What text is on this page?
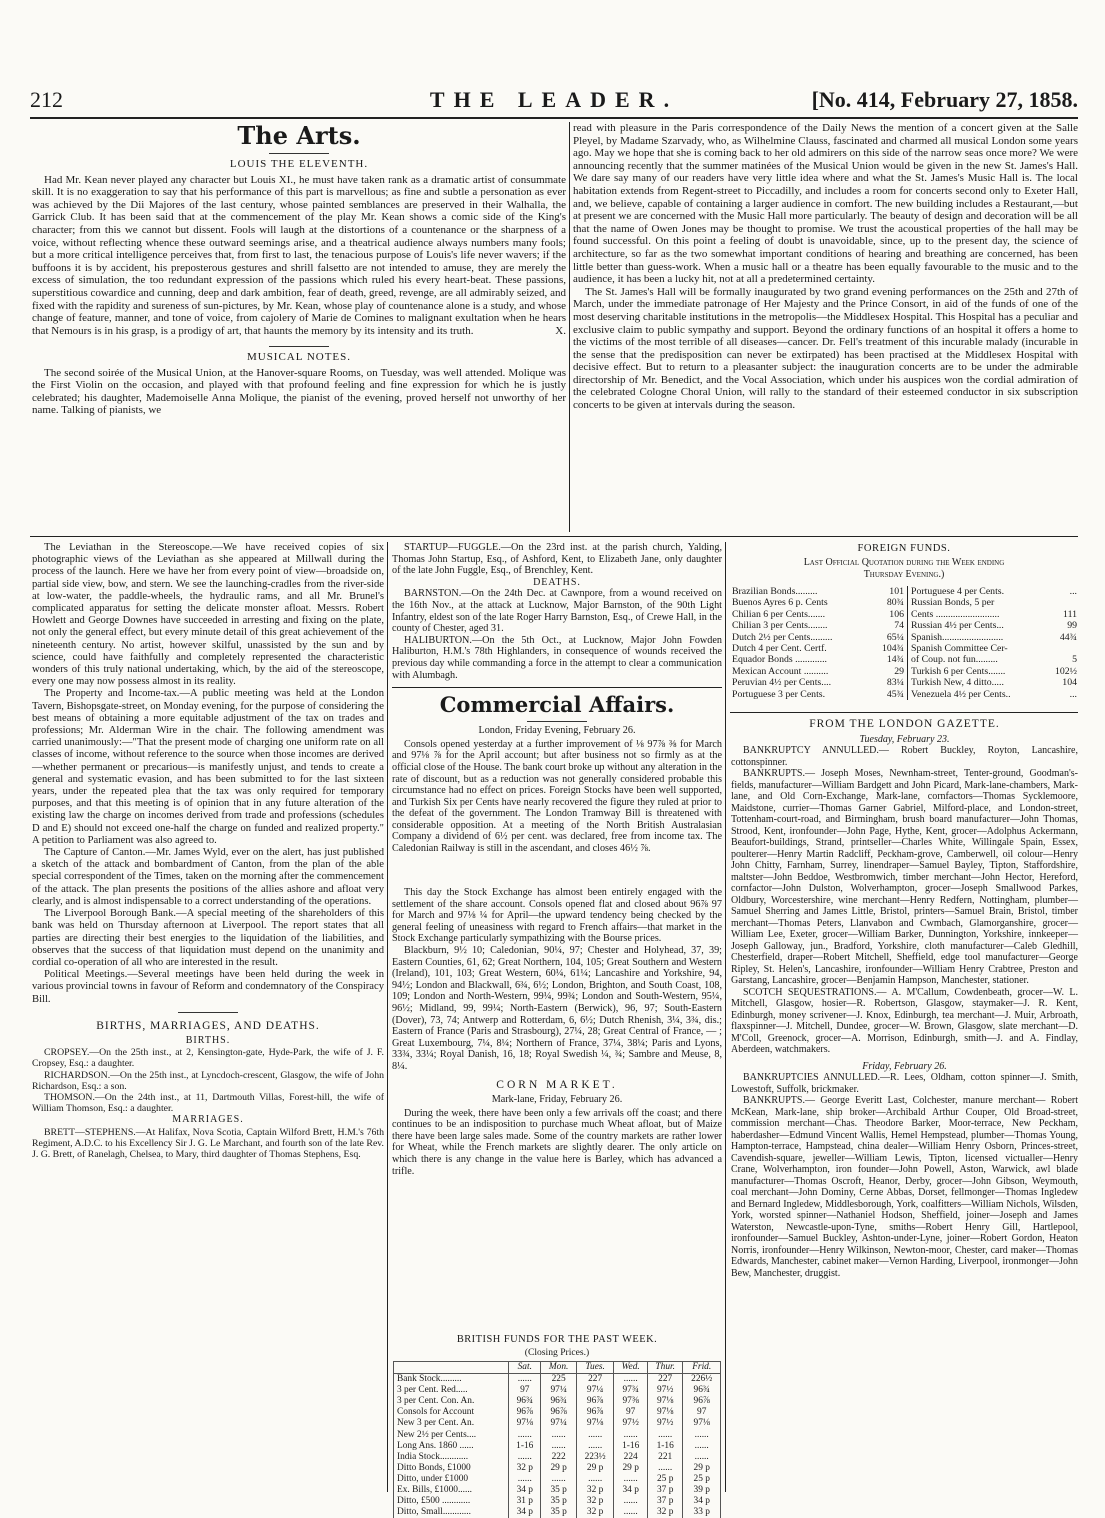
212	THE LEADER.	[No. 414, February 27, 1858.
The Arts.
LOUIS THE ELEVENTH.

Had Mr. Kean never played any character but Louis XI., he must have taken rank as a dramatic artist of consummate skill. It is no exaggeration to say that his performance of this part is marvellous; as fine and subtle a personation as ever was achieved by the Dii Majores of the last century, whose painted semblances are preserved in their Walhalla, the Garrick Club. It has been said that at the commencement of the play Mr. Kean shows a comic side of the King's character; from this we cannot but dissent. Fools will laugh at the distortions of a countenance or the sharpness of a voice, without reflecting whence these outward seemings arise, and a theatrical audience always numbers many fools; but a more critical intelligence perceives that, from first to last, the tenacious purpose of Louis's life never wavers; if the buffoons it is by accident, his preposterous gestures and shrill falsetto are not intended to amuse, they are merely the excess of simulation, the too redundant expression of the passions which ruled his every heart-beat. These passions, superstitious cowardice and cunning, deep and dark ambition, fear of death, greed, revenge, are all admirably seized, and fixed with the rapidity and sureness of sun-pictures, by Mr. Kean, whose play of countenance alone is a study, and whose change of feature, manner, and tone of voice, from cajolery of Marie de Comines to malignant exultation when he hears that Nemours is in his grasp, is a prodigy of art, that haunts the memory by its intensity and its truth.	X.
MUSICAL NOTES.

The second soirée of the Musical Union, at the Hanover-square Rooms, on Tuesday, was well attended. Molique was the First Violin on the occasion, and played with that profound feeling and fine expression for which he is justly celebrated; his daughter, Mademoiselle Anna Molique, the pianist of the evening, proved herself not unworthy of her name. Talking of pianists, we

read with pleasure in the Paris correspondence of the Daily News the mention of a concert given at the Salle Pleyel, by Madame Szarvady, who, as Wilhelmine Clauss, fascinated and charmed all musical London some years ago. May we hope that she is coming back to her old admirers on this side of the narrow seas once more? We were announcing recently that the summer matinées of the Musical Union would be given in the new St. James's Hall. We dare say many of our readers have very little idea where and what the St. James's Music Hall is. The local habitation extends from Regent-street to Piccadilly, and includes a room for concerts second only to Exeter Hall, and, we believe, capable of containing a larger audience in comfort. The new building includes a Restaurant,—but at present we are concerned with the Music Hall more particularly. The beauty of design and decoration will be all that the name of Owen Jones may be thought to promise. We trust the acoustical properties of the hall may be found successful. On this point a feeling of doubt is unavoidable, since, up to the present day, the science of architecture, so far as the two somewhat important conditions of hearing and breathing are concerned, has been little better than guess-work. When a music hall or a theatre has been equally favourable to the music and to the audience, it has been a lucky hit, not at all a predetermined certainty.

The St. James's Hall will be formally inaugurated by two grand evening performances on the 25th and 27th of March, under the immediate patronage of Her Majesty and the Prince Consort, in aid of the funds of one of the most deserving charitable institutions in the metropolis—the Middlesex Hospital. This Hospital has a peculiar and exclusive claim to public sympathy and support. Beyond the ordinary functions of an hospital it offers a home to the victims of the most terrible of all diseases—cancer. Dr. Fell's treatment of this incurable malady (incurable in the sense that the predisposition can never be extirpated) has been practised at the Middlesex Hospital with decisive effect. But to return to a pleasanter subject: the inauguration concerts are to be under the admirable directorship of Mr. Benedict, and the Vocal Association, which under his auspices won the cordial admiration of the celebrated Cologne Choral Union, will rally to the standard of their esteemed conductor in six subscription concerts to be given at intervals during the season.

The Leviathan in the Stereoscope.—We have received copies of six photographic views of the Leviathan as she appeared at Millwall during the process of the launch. Here we have her from every point of view—broadside on, partial side view, bow, and stern. We see the launching-cradles from the river-side at low-water, the paddle-wheels, the hydraulic rams, and all Mr. Brunel's complicated apparatus for setting the delicate monster afloat. Messrs. Robert Howlett and George Downes have succeeded in arresting and fixing on the plate, not only the general effect, but every minute detail of this great achievement of the nineteenth century. No artist, however skilful, unassisted by the sun and by science, could have faithfully and completely represented the characteristic wonders of this truly national undertaking, which, by the aid of the stereoscope, every one may now possess almost in its reality.

The Property and Income-tax.—A public meeting was held at the London Tavern, Bishopsgate-street, on Monday evening, for the purpose of considering the best means of obtaining a more equitable adjustment of the tax on trades and professions; Mr. Alderman Wire in the chair. The following amendment was carried unanimously:—"That the present mode of charging one uniform rate on all classes of income, without reference to the source when those incomes are derived—whether permanent or precarious—is manifestly unjust, and tends to create a general and systematic evasion, and has been submitted to for the last sixteen years, under the repeated plea that the tax was only required for temporary purposes, and that this meeting is of opinion that in any future alteration of the existing law the charge on incomes derived from trade and professions (schedules D and E) should not exceed one-half the charge on funded and realized property." A petition to Parliament was also agreed to.

The Capture of Canton.—Mr. James Wyld, ever on the alert, has just published a sketch of the attack and bombardment of Canton, from the plan of the able special correspondent of the Times, taken on the morning after the commencement of the attack. The plan presents the positions of the allies ashore and afloat very clearly, and is almost indispensable to a correct understanding of the operations.

The Liverpool Borough Bank.—A special meeting of the shareholders of this bank was held on Thursday afternoon at Liverpool. The report states that all parties are directing their best energies to the liquidation of the liabilities, and observes that the success of that liquidation must depend on the unanimity and cordial co-operation of all who are interested in the result.

Political Meetings.—Several meetings have been held during the week in various provincial towns in favour of Reform and condemnatory of the Conspiracy Bill.

BIRTHS, MARRIAGES, AND DEATHS.
BIRTHS.

CROPSEY.—On the 25th inst., at 2, Kensington-gate, Hyde-Park, the wife of J. F. Cropsey, Esq.: a daughter.

RICHARDSON.—On the 25th inst., at Lyncdoch-crescent, Glasgow, the wife of John Richardson, Esq.: a son.

THOMSON.—On the 24th inst., at 11, Dartmouth Villas, Forest-hill, the wife of William Thomson, Esq.: a daughter.

MARRIAGES.

BRETT—STEPHENS.—At Halifax, Nova Scotia, Captain Wilford Brett, H.M.'s 76th Regiment, A.D.C. to his Excellency Sir J. G. Le Marchant, and fourth son of the late Rev. J. G. Brett, of Ranelagh, Chelsea, to Mary, third daughter of Thomas Stephens, Esq.

STARTUP—FUGGLE.—On the 23rd inst. at the parish church, Yalding, Thomas John Startup, Esq., of Ashford, Kent, to Elizabeth Jane, only daughter of the late John Fuggle, Esq., of Brenchley, Kent.

DEATHS.

BARNSTON.—On the 24th Dec. at Cawnpore, from a wound received on the 16th Nov., at the attack at Lucknow, Major Barnston, of the 90th Light Infantry, eldest son of the late Roger Harry Barnston, Esq., of Crewe Hall, in the county of Chester, aged 31.

HALIBURTON.—On the 5th Oct., at Lucknow, Major John Fowden Haliburton, H.M.'s 78th Highlanders, in consequence of wounds received the previous day while commanding a force in the attempt to clear a communication with Alumbagh.

Commercial Affairs.
London, Friday Evening, February 26.

Consols opened yesterday at a further improvement of ⅛ 97⅞ ⅜ for March and 97⅛ ⅞ for the April account; but after business not so firmly as at the official close of the House. The bank court broke up without any alteration in the rate of discount, but as a reduction was not generally considered probable this circumstance had no effect on prices. Foreign Stocks have been well supported, and Turkish Six per Cents have nearly recovered the figure they ruled at prior to the defeat of the government. The London Tramway Bill is threatened with considerable opposition. At a meeting of the North British Australasian Company a dividend of 6½ per cent. was declared, free from income tax. The Caledonian Railway is still in the ascendant, and closes 46½ ⅞.

This day the Stock Exchange has almost been entirely engaged with the settlement of the share account. Consols opened flat and closed about 96⅞ 97 for March and 97⅛ ¼ for April—the upward tendency being checked by the general feeling of uneasiness with regard to French affairs—that market in the Stock Exchange particularly sympathizing with the Bourse prices.

Blackburn, 9½ 10; Caledonian, 90¼, 97; Chester and Holyhead, 37, 39; Eastern Counties, 61, 62; Great Northern, 104, 105; Great Southern and Western (Ireland), 101, 103; Great Western, 60¼, 61¼; Lancashire and Yorkshire, 94, 94½; London and Blackwall, 6¾, 6½; London, Brighton, and South Coast, 108, 109; London and North-Western, 99¼, 99¾; London and South-Western, 95¼, 96½; Midland, 99, 99¼; North-Eastern (Berwick), 96, 97; South-Eastern (Dover), 73, 74; Antwerp and Rotterdam, 6, 6½; Dutch Rhenish, 3¼, 3¾, dis.; Eastern of France (Paris and Strasbourg), 27¼, 28; Great Central of France, — ; Great Luxembourg, 7¼, 8¼; Northern of France, 37¼, 38¼; Paris and Lyons, 33¾, 33¼; Royal Danish, 16, 18; Royal Swedish ¼, ¾; Sambre and Meuse, 8, 8¼.

CORN MARKET.
Mark-lane, Friday, February 26.

During the week, there have been only a few arrivals off the coast; and there continues to be an indisposition to purchase much Wheat afloat, but of Maize there have been large sales made. Some of the country markets are rather lower for Wheat, while the French markets are slightly dearer. The only article on which there is any change in the value here is Barley, which has advanced a trifle.

BRITISH FUNDS FOR THE PAST WEEK.
(Closing Prices.)
	Sat.	Mon.	Tues.	Wed.	Thur.	Frid.
Bank Stock.........	......	225	227	......	227	226½
3 per Cent. Red.....	97	97¼	97¼	97¾	97½	96¾
3 per Cent. Con. An.	96¾	96¾	96⅞	97⅜	97⅛	96⅞
Consols for Account	96⅞	96⅞	96⅞	97	97⅛	97
New 3 per Cent. An.	97⅛	97¼	97⅛	97½	97½	97⅛
New 2½ per Cents....	......	......	......	......	......	......
Long Ans. 1860 ......	1-16	......	......	1-16	1-16	......
India Stock............	......	222	223½	224	221	......
Ditto Bonds, £1000	32 p	29 p	29 p	29 p	......	29 p
Ditto, under £1000	......	......	......	......	25 p	25 p
Ex. Bills, £1000......	34 p	35 p	32 p	34 p	37 p	39 p
Ditto, £500 ............	31 p	35 p	32 p	......	37 p	34 p
Ditto, Small............	34 p	35 p	32 p	......	32 p	33 p
FOREIGN FUNDS.
Last Official Quotation during the Week ending
Thursday Evening.)
Brazilian Bonds.........	101
Buenos Ayres 6 p. Cents	80¾
Chilian 6 per Cents.......	106
Chilian 3 per Cents........	74
Dutch 2½ per Cents.........	65¼
Dutch 4 per Cent. Certf.	104¾
Equador Bonds .............	14¾
Mexican Account ..........	29
Peruvian 4½ per Cents....	83¼
Portuguese 3 per Cents.	45¾
Portuguese 4 per Cents.	...
Russian Bonds, 5 per	
Cents ..........................	111
Russian 4½ per Cents...	99
Spanish.........................	44¾
Spanish Committee Cer-	
of Coup. not fun.........	5
Turkish 6 per Cents.......	102½
Turkish New, 4 ditto.....	104
Venezuela 4½ per Cents..	...
FROM THE LONDON GAZETTE.
Tuesday, February 23.

BANKRUPTCY ANNULLED.— Robert Buckley, Royton, Lancashire, cottonspinner.

BANKRUPTS.— Joseph Moses, Newnham-street, Tenter-ground, Goodman's-fields, manufacturer—William Bardgett and John Picard, Mark-lane-chambers, Mark-lane, and Old Corn-Exchange, Mark-lane, cornfactors—Thomas Sycklemoore, Maidstone, currier—Thomas Garner Gabriel, Milford-place, and London-street, Tottenham-court-road, and Birmingham, brush board manufacturer—John Thomas, Strood, Kent, ironfounder—John Page, Hythe, Kent, grocer—Adolphus Ackermann, Beaufort-buildings, Strand, printseller—Charles White, Willingale Spain, Essex, poulterer—Henry Martin Radcliff, Peckham-grove, Camberwell, oil colour—Henry John Chitty, Farnham, Surrey, linendraper—Samuel Bayley, Tipton, Staffordshire, maltster—John Beddoe, Westbromwich, timber merchant—John Hector, Hereford, cornfactor—John Dulston, Wolverhampton, grocer—Joseph Smallwood Parkes, Oldbury, Worcestershire, wine merchant—Henry Redfern, Nottingham, plumber—Samuel Sherring and James Little, Bristol, printers—Samuel Brain, Bristol, timber merchant—Thomas Peters, Llanvabon and Cwmbach, Glamorganshire, grocer—William Lee, Exeter, grocer—William Barker, Dunnington, Yorkshire, innkeeper—Joseph Galloway, jun., Bradford, Yorkshire, cloth manufacturer—Caleb Gledhill, Chesterfield, draper—Robert Mitchell, Sheffield, edge tool manufacturer—George Ripley, St. Helen's, Lancashire, ironfounder—William Henry Crabtree, Preston and Garstang, Lancashire, grocer—Benjamin Hampson, Manchester, stationer.

SCOTCH SEQUESTRATIONS.— A. M'Callum, Cowdenbeath, grocer—W. L. Mitchell, Glasgow, hosier—R. Robertson, Glasgow, staymaker—J. R. Kent, Edinburgh, money scrivener—J. Knox, Edinburgh, tea merchant—J. Muir, Arbroath, flaxspinner—J. Mitchell, Dundee, grocer—W. Brown, Glasgow, slate merchant—D. M'Coll, Greenock, grocer—A. Morrison, Edinburgh, smith—J. and A. Findlay, Aberdeen, watchmakers.

Friday, February 26.

BANKRUPTCIES ANNULLED.—R. Lees, Oldham, cotton spinner—J. Smith, Lowestoft, Suffolk, brickmaker.

BANKRUPTS.— George Everitt Last, Colchester, manure merchant— Robert McKean, Mark-lane, ship broker—Archibald Arthur Couper, Old Broad-street, commission merchant—Chas. Theodore Barker, Moor-terrace, New Peckham, haberdasher—Edmund Vincent Wallis, Hemel Hempstead, plumber—Thomas Young, Hampton-terrace, Hampstead, china dealer—William Henry Osborn, Princes-street, Cavendish-square, jeweller—William Lewis, Tipton, licensed victualler—Henry Crane, Wolverhampton, iron founder—John Powell, Aston, Warwick, awl blade manufacturer—Thomas Oscroft, Heanor, Derby, grocer—John Gibson, Weymouth, coal merchant—John Dominy, Cerne Abbas, Dorset, fellmonger—Thomas Ingledew and Bernard Ingledew, Middlesborough, York, coalfitters—William Nichols, Wilsden, York, worsted spinner—Nathaniel Hodson, Sheffield, joiner—Joseph and James Waterston, Newcastle-upon-Tyne, smiths—Robert Henry Gill, Hartlepool, ironfounder—Samuel Buckley, Ashton-under-Lyne, joiner—Robert Gordon, Heaton Norris, ironfounder—Henry Wilkinson, Newton-moor, Chester, card maker—Thomas Edwards, Manchester, cabinet maker—Vernon Harding, Liverpool, ironmonger—John Bew, Manchester, druggist.
